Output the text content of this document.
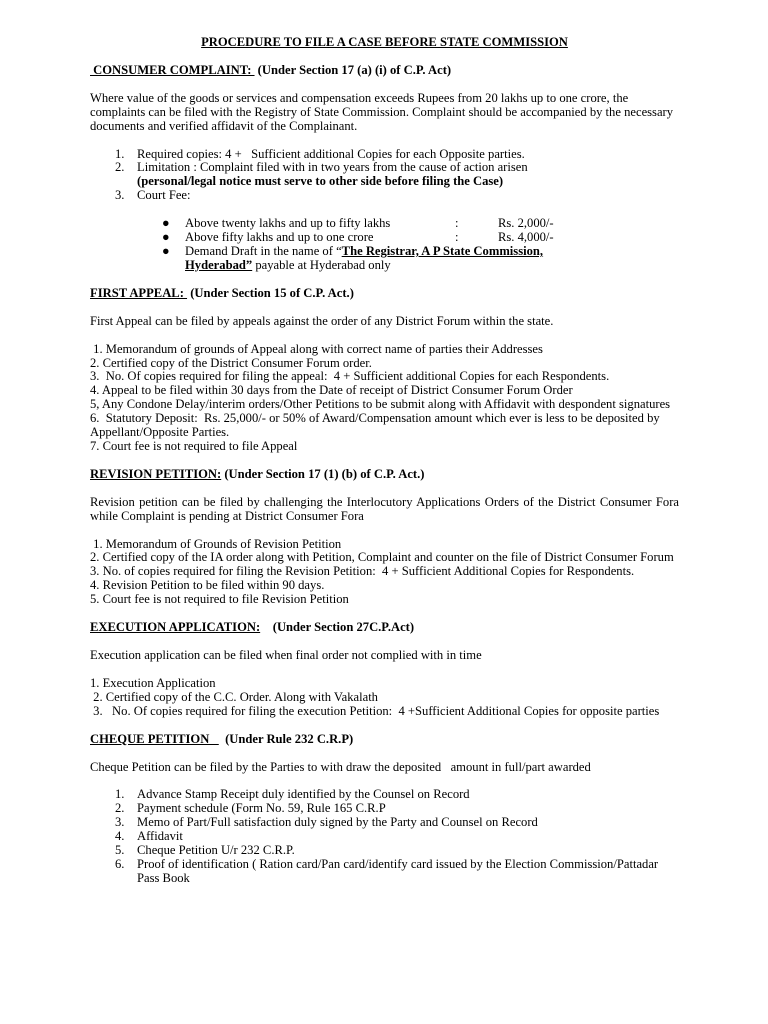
PROCEDURE TO FILE A CASE BEFORE STATE COMMISSION
CONSUMER COMPLAINT:  (Under Section 17 (a) (i) of C.P. Act)
Where value of the goods or services and compensation exceeds Rupees from 20 lakhs up to one crore, the complaints can be filed with the Registry of State Commission. Complaint should be accompanied by the necessary documents and verified affidavit of the Complainant.
1. Required copies: 4 +   Sufficient additional Copies for each Opposite parties.
2. Limitation : Complaint filed with in two years from the cause of action arisen
(personal/legal notice must serve to other side before filing the Case)
3. Court Fee:
● Above twenty lakhs and up to fifty lakhs	:	Rs. 2,000/-
● Above fifty lakhs and up to one crore	:	Rs. 4,000/-
● Demand Draft in the name of “The Registrar, A P State Commission,
Hyderabad” payable at Hyderabad only
FIRST APPEAL:  (Under Section 15 of C.P. Act.)
First Appeal can be filed by appeals against the order of any District Forum within the state.
1. Memorandum of grounds of Appeal along with correct name of parties their Addresses
2. Certified copy of the District Consumer Forum order.
3.  No. Of copies required for filing the appeal:  4 + Sufficient additional Copies for each Respondents.
4. Appeal to be filed within 30 days from the Date of receipt of District Consumer Forum Order
5, Any Condone Delay/interim orders/Other Petitions to be submit along with Affidavit with despondent signatures
6.  Statutory Deposit:  Rs. 25,000/- or 50% of Award/Compensation amount which ever is less to be deposited by Appellant/Opposite Parties.
7. Court fee is not required to file Appeal
REVISION PETITION: (Under Section 17 (1) (b) of C.P. Act.)
Revision petition can be filed by challenging the Interlocutory Applications Orders of the District Consumer Fora while Complaint is pending at District Consumer Fora
1. Memorandum of Grounds of Revision Petition
2. Certified copy of the IA order along with Petition, Complaint and counter on the file of District Consumer Forum
3. No. of copies required for filing the Revision Petition:  4 + Sufficient Additional Copies for Respondents.
4. Revision Petition to be filed within 90 days.
5. Court fee is not required to file Revision Petition
EXECUTION APPLICATION:    (Under Section 27C.P.Act)
Execution application can be filed when final order not complied with in time
1. Execution Application
2. Certified copy of the C.C. Order. Along with Vakalath
3.   No. Of copies required for filing the execution Petition:  4 +Sufficient Additional Copies for opposite parties
CHEQUE PETITION     (Under Rule 232 C.R.P)
Cheque Petition can be filed by the Parties to with draw the deposited   amount in full/part awarded
1. Advance Stamp Receipt duly identified by the Counsel on Record
2. Payment schedule (Form No. 59, Rule 165 C.R.P
3. Memo of Part/Full satisfaction duly signed by the Party and Counsel on Record
4. Affidavit
5. Cheque Petition U/r 232 C.R.P.
6. Proof of identification ( Ration card/Pan card/identify card issued by the Election Commission/Pattadar Pass Book
